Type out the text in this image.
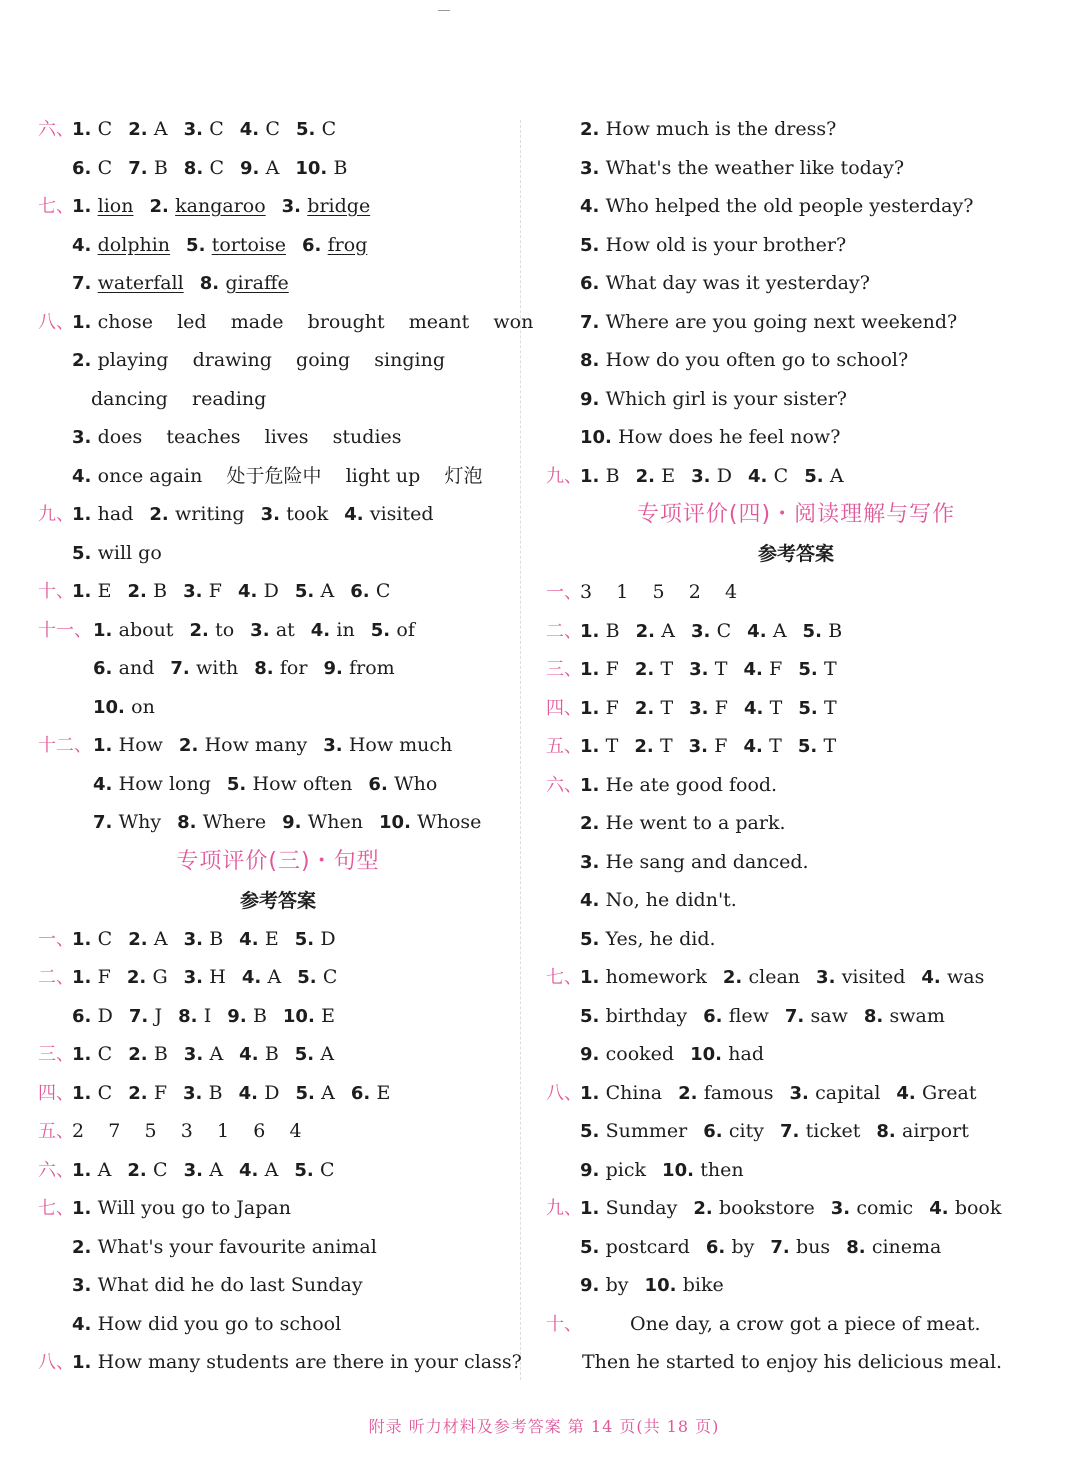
六、1. C 2. A 3. C 4. C 5. C
6. C 7. B 8. C 9. A 10. B
七、1. lion 2. kangaroo 3. bridge
4. dolphin 5. tortoise 6. frog
7. waterfall 8. giraffe
八、1. chose    led    made    brought    meant    won
2. playing    drawing    going    singing
 dancing    reading
3. does    teaches    lives    studies
4. once again    处于危险中    light up    灯泡
九、1. had 2. writing 3. took 4. visited
5. will go
十、1. E 2. B 3. F 4. D 5. A 6. C
十一、1. about 2. to 3. at 4. in 5. of
6. and 7. with 8. for 9. from
10. on
十二、1. How 2. How many 3. How much
4. How long 5. How often 6. Who
7. Why 8. Where 9. When 10. Whose
专项评价(三)・句型
参考答案
一、1. C 2. A 3. B 4. E 5. D
二、1. F 2. G 3. H 4. A 5. C
6. D 7. J 8. I 9. B 10. E
三、1. C 2. B 3. A 4. B 5. A
四、1. C 2. F 3. B 4. D 5. A 6. E
五、2    7    5    3    1    6    4
六、1. A 2. C 3. A 4. A 5. C
七、1. Will you go to Japan
2. What's your favourite animal
3. What did he do last Sunday
4. How did you go to school
八、1. How many students are there in your class?
2. How much is the dress?
3. What's the weather like today?
4. Who helped the old people yesterday?
5. How old is your brother?
6. What day was it yesterday?
7. Where are you going next weekend?
8. How do you often go to school?
9. Which girl is your sister?
10. How does he feel now?
九、1. B 2. E 3. D 4. C 5. A
专项评价(四)・阅读理解与写作
参考答案
一、3    1    5    2    4
二、1. B 2. A 3. C 4. A 5. B
三、1. F 2. T 3. T 4. F 5. T
四、1. F 2. T 3. F 4. T 5. T
五、1. T 2. T 3. F 4. T 5. T
六、1. He ate good food.
2. He went to a park.
3. He sang and danced.
4. No, he didn't.
5. Yes, he did.
七、1. homework 2. clean 3. visited 4. was
5. birthday 6. flew 7. saw 8. swam
9. cooked 10. had
八、1. China 2. famous 3. capital 4. Great
5. Summer 6. city 7. ticket 8. airport
9. pick 10. then
九、1. Sunday 2. bookstore 3. comic 4. book
5. postcard 6. by 7. bus 8. cinema
9. by 10. bike
十、	One day, a crow got a piece of meat.
Then he started to enjoy his delicious meal.
附录 听力材料及参考答案 第 14 页(共 18 页)
